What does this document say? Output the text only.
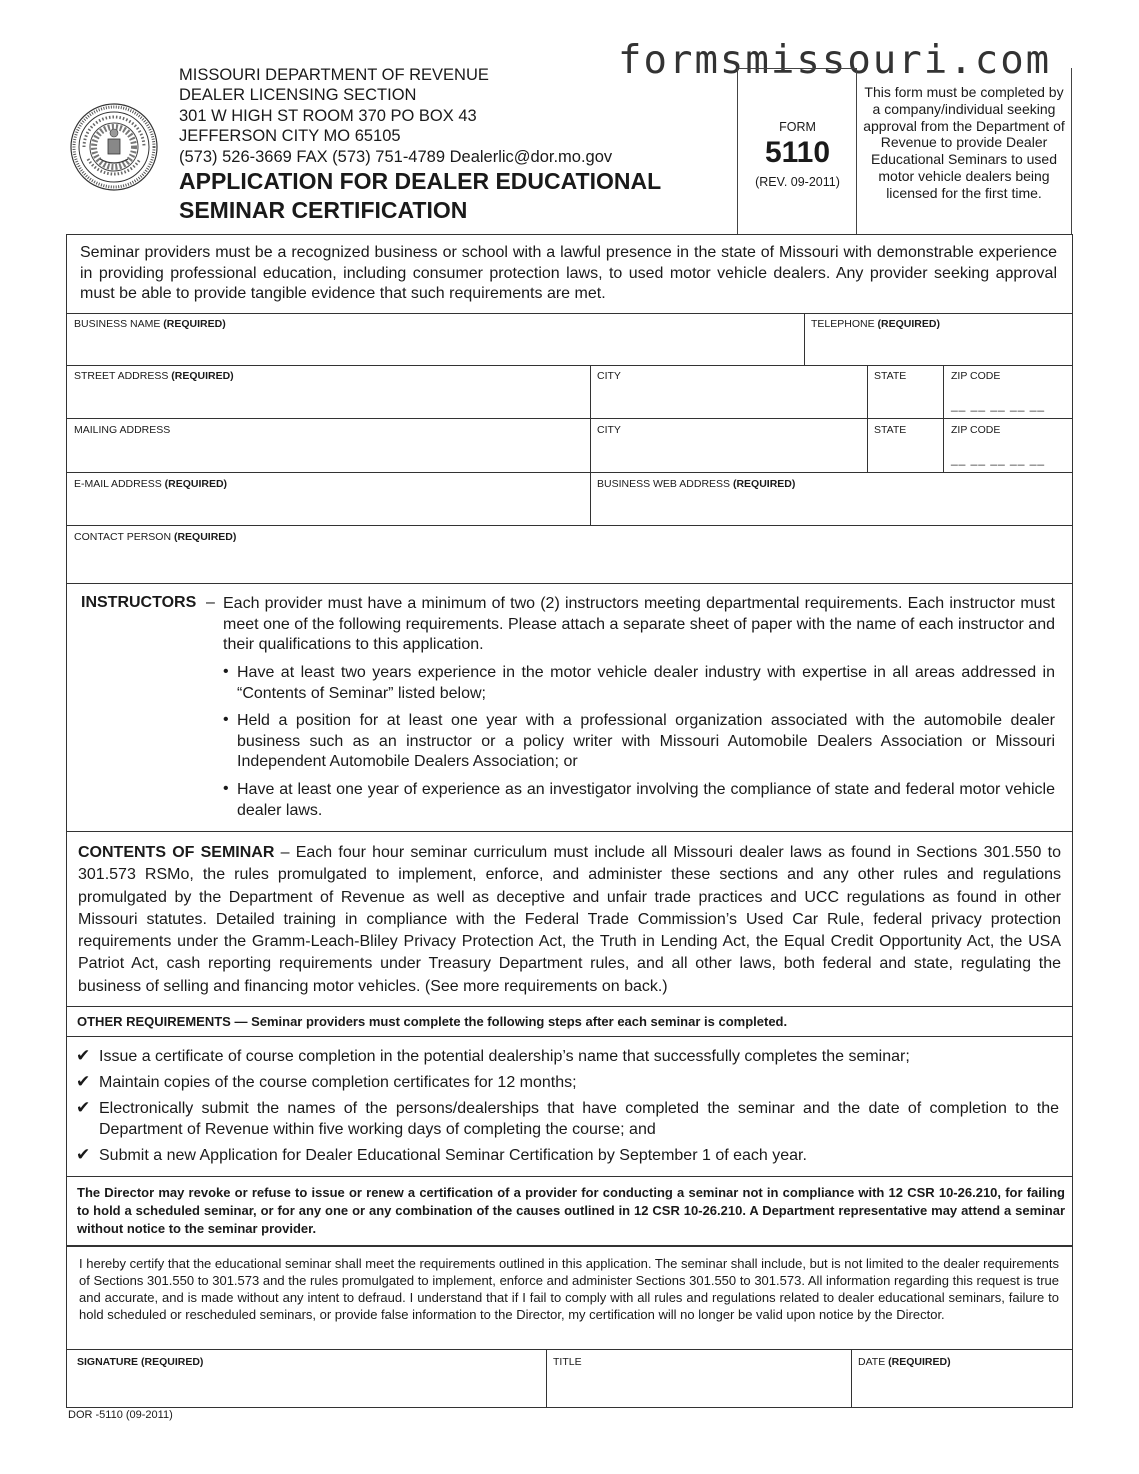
formsmissouri.com
MISSOURI DEPARTMENT OF REVENUE
DEALER LICENSING SECTION
301 W HIGH ST ROOM 370 PO BOX 43
JEFFERSON CITY MO 65105
(573) 526-3669 FAX (573) 751-4789 Dealerlic@dor.mo.gov
APPLICATION FOR DEALER EDUCATIONAL
SEMINAR CERTIFICATION
FORM
5110
(REV. 09-2011)
This form must be completed by a company/individual seeking approval from the Department of Revenue to provide Dealer Educational Seminars to used motor vehicle dealers being licensed for the first time.
Seminar providers must be a recognized business or school with a lawful presence in the state of Missouri with demonstrable experience in providing professional education, including consumer protection laws, to used motor vehicle dealers. Any provider seeking approval must be able to provide tangible evidence that such requirements are met.
BUSINESS NAME (REQUIRED)	TELEPHONE (REQUIRED)
STREET ADDRESS (REQUIRED)	CITY	STATE	ZIP CODE
__ __ __ __ __
MAILING ADDRESS	CITY	STATE	ZIP CODE
__ __ __ __ __
E-MAIL ADDRESS (REQUIRED)	BUSINESS WEB ADDRESS (REQUIRED)
CONTACT PERSON (REQUIRED)
INSTRUCTORS – Each provider must have a minimum of two (2) instructors meeting departmental requirements. Each instructor must meet one of the following requirements. Please attach a separate sheet of paper with the name of each instructor and their qualifications to this application.
• Have at least two years experience in the motor vehicle dealer industry with expertise in all areas addressed in “Contents of Seminar” listed below;
• Held a position for at least one year with a professional organization associated with the automobile dealer business such as an instructor or a policy writer with Missouri Automobile Dealers Association or Missouri Independent Automobile Dealers Association; or
• Have at least one year of experience as an investigator involving the compliance of state and federal motor vehicle dealer laws.
CONTENTS OF SEMINAR – Each four hour seminar curriculum must include all Missouri dealer laws as found in Sections 301.550 to 301.573 RSMo, the rules promulgated to implement, enforce, and administer these sections and any other rules and regulations promulgated by the Department of Revenue as well as deceptive and unfair trade practices and UCC regulations as found in other Missouri statutes. Detailed training in compliance with the Federal Trade Commission’s Used Car Rule, federal privacy protection requirements under the Gramm-Leach-Bliley Privacy Protection Act, the Truth in Lending Act, the Equal Credit Opportunity Act, the USA Patriot Act, cash reporting requirements under Treasury Department rules, and all other laws, both federal and state, regulating the business of selling and financing motor vehicles. (See more requirements on back.)
OTHER REQUIREMENTS — Seminar providers must complete the following steps after each seminar is completed.
✔ Issue a certificate of course completion in the potential dealership’s name that successfully completes the seminar;
✔ Maintain copies of the course completion certificates for 12 months;
✔ Electronically submit the names of the persons/dealerships that have completed the seminar and the date of completion to the Department of Revenue within five working days of completing the course; and
✔ Submit a new Application for Dealer Educational Seminar Certification by September 1 of each year.
The Director may revoke or refuse to issue or renew a certification of a provider for conducting a seminar not in compliance with 12 CSR 10-26.210, for failing to hold a scheduled seminar, or for any one or any combination of the causes outlined in 12 CSR 10-26.210. A Department representative may attend a seminar without notice to the seminar provider.
I hereby certify that the educational seminar shall meet the requirements outlined in this application. The seminar shall include, but is not limited to the dealer requirements of Sections 301.550 to 301.573 and the rules promulgated to implement, enforce and administer Sections 301.550 to 301.573. All information regarding this request is true and accurate, and is made without any intent to defraud. I understand that if I fail to comply with all rules and regulations related to dealer educational seminars, failure to hold scheduled or rescheduled seminars, or provide false information to the Director, my certification will no longer be valid upon notice by the Director.
SIGNATURE (REQUIRED)	TITLE	DATE (REQUIRED)
DOR -5110 (09-2011)
